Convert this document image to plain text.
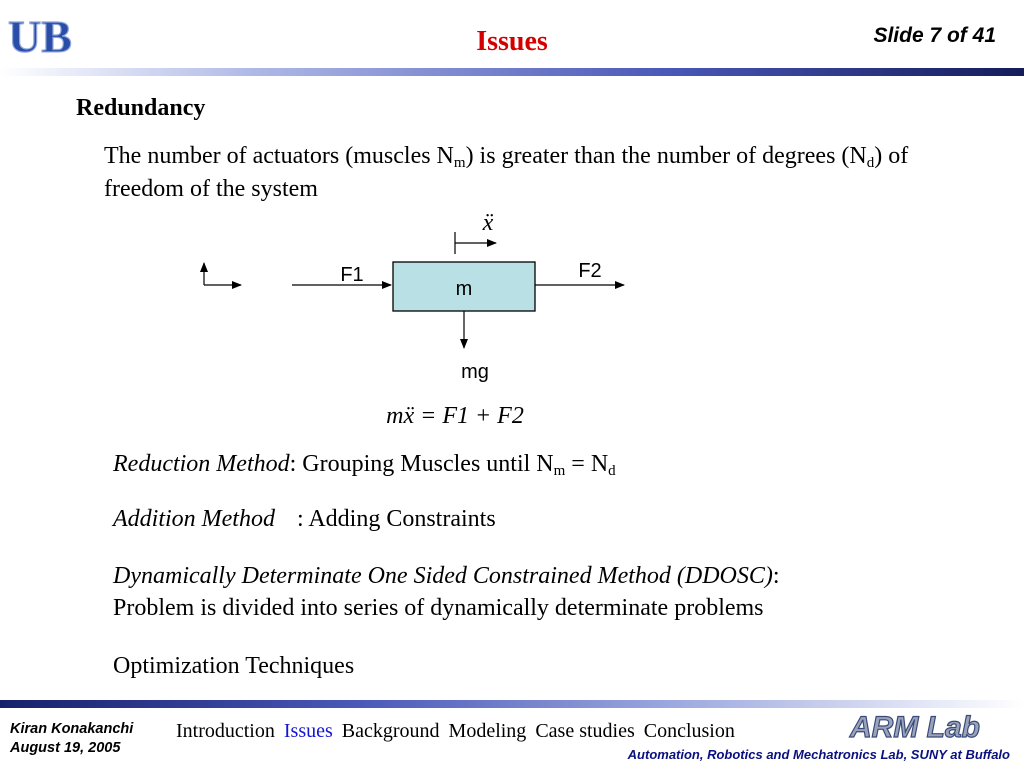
UB	Issues	Slide 7 of 41
Redundancy
The number of actuators (muscles $N_m$) is greater than the number of degrees $(N_d)$ of freedom of the system
m
F1	F2
mg
ẍ
mẍ = F1 + F2
Reduction Method: Grouping Muscles until $N_m = N_d$
Addition Method : Adding Constraints
Dynamically Determinate One Sided Constrained Method (DDOSC):
Problem is divided into series of dynamically determinate problems
Optimization Techniques
Kiran Konakanchi
August 19, 2005
Introduction Issues Background Modeling Case studies Conclusion	ARM Lab
Automation, Robotics and Mechatronics Lab, SUNY at Buffalo
